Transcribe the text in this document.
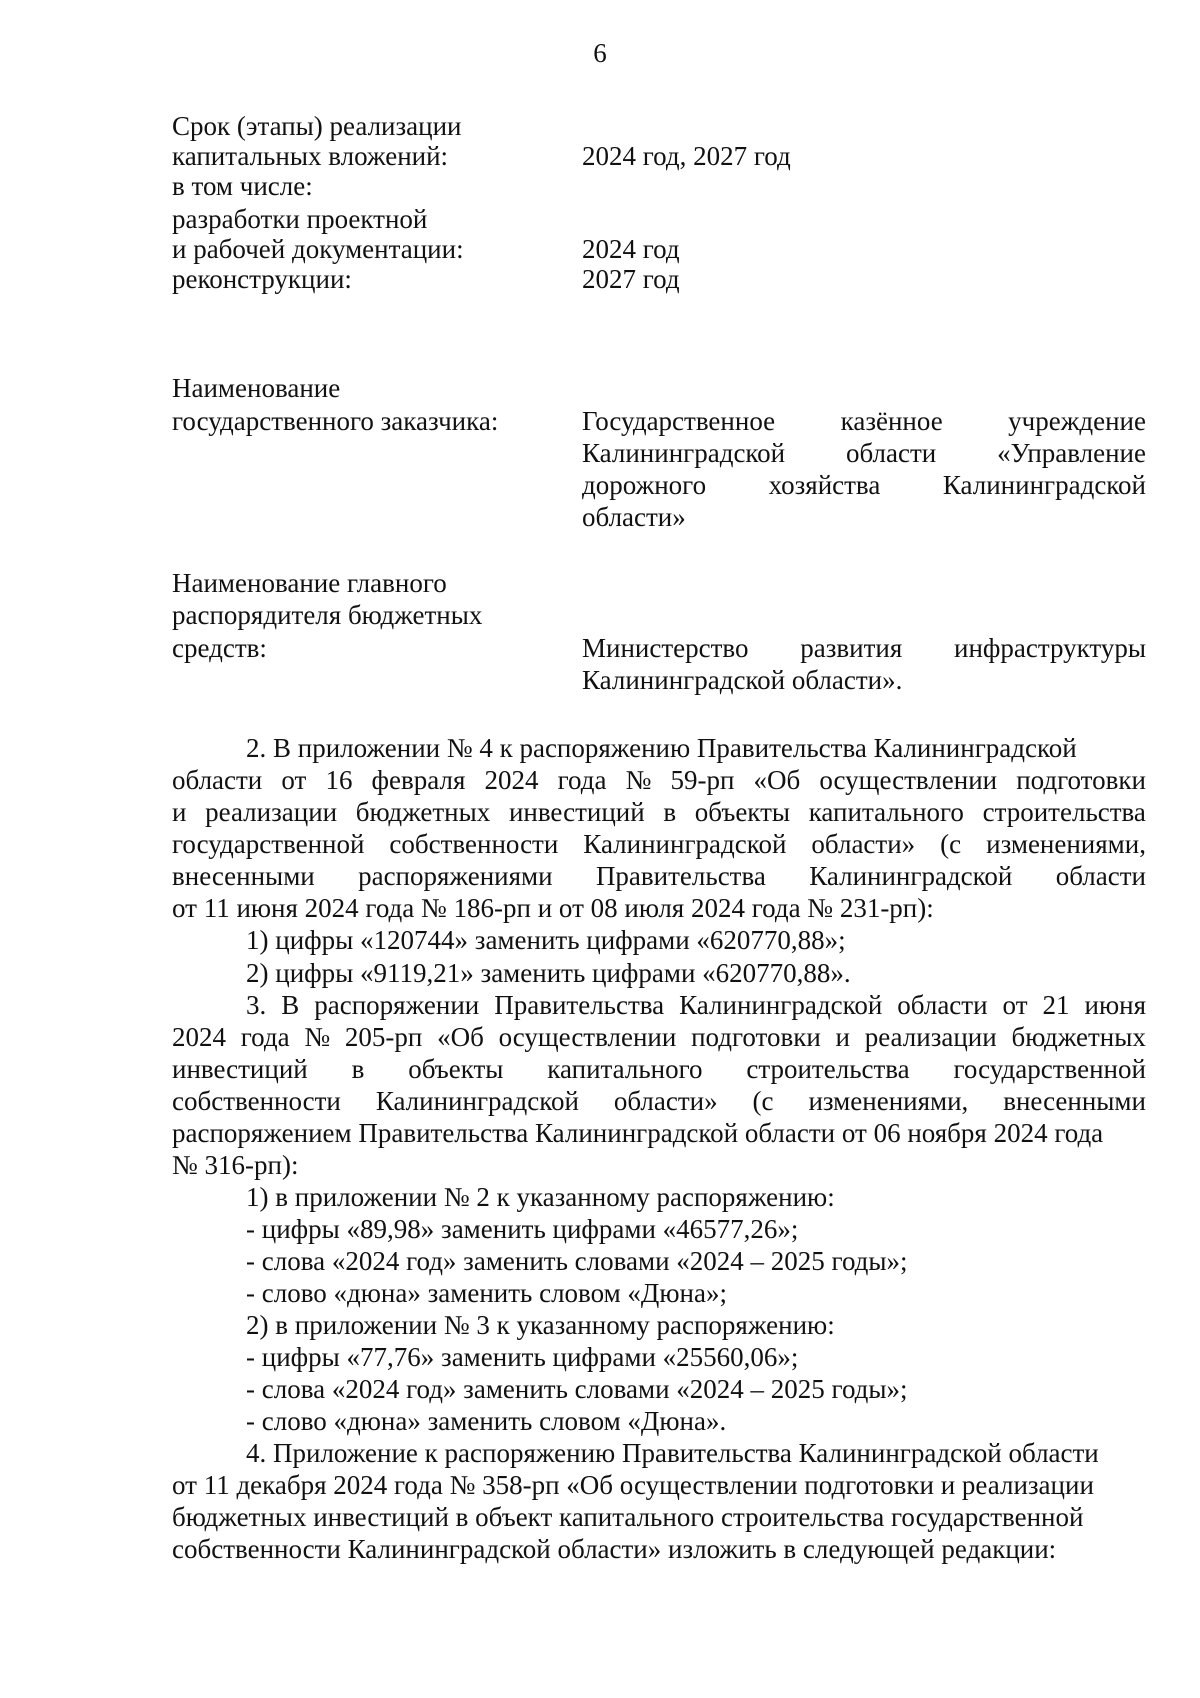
6
Срок (этапы) реализации
капитальных вложений:	2024 год, 2027 год
в том числе:
разработки проектной
и рабочей документации:	2024 год
реконструкции:	2027 год
Наименование
государственного заказчика:	Государственное казённое учреждение
Калининградской области «Управление
дорожного хозяйства Калининградской
области»
Наименование главного
распорядителя бюджетных
средств:	Министерство развития инфраструктуры
Калининградской области».
2. В приложении № 4 к распоряжению Правительства Калининградской
области от 16 февраля 2024 года № 59-рп «Об осуществлении подготовки
и реализации бюджетных инвестиций в объекты капитального строительства
государственной собственности Калининградской области» (с изменениями,
внесенными распоряжениями Правительства Калининградской области
от 11 июня 2024 года № 186-рп и от 08 июля 2024 года № 231-рп):
1) цифры «120744» заменить цифрами «620770,88»;
2) цифры «9119,21» заменить цифрами «620770,88».
3. В распоряжении Правительства Калининградской области от 21 июня
2024 года № 205-рп «Об осуществлении подготовки и реализации бюджетных
инвестиций в объекты капитального строительства государственной
собственности Калининградской области» (с изменениями, внесенными
распоряжением Правительства Калининградской области от 06 ноября 2024 года
№ 316-рп):
1) в приложении № 2 к указанному распоряжению:
- цифры «89,98» заменить цифрами «46577,26»;
- слова «2024 год» заменить словами «2024 – 2025 годы»;
- слово «дюна» заменить словом «Дюна»;
2) в приложении № 3 к указанному распоряжению:
- цифры «77,76» заменить цифрами «25560,06»;
- слова «2024 год» заменить словами «2024 – 2025 годы»;
- слово «дюна» заменить словом «Дюна».
4. Приложение к распоряжению Правительства Калининградской области
от 11 декабря 2024 года № 358-рп «Об осуществлении подготовки и реализации
бюджетных инвестиций в объект капитального строительства государственной
собственности Калининградской области» изложить в следующей редакции:
